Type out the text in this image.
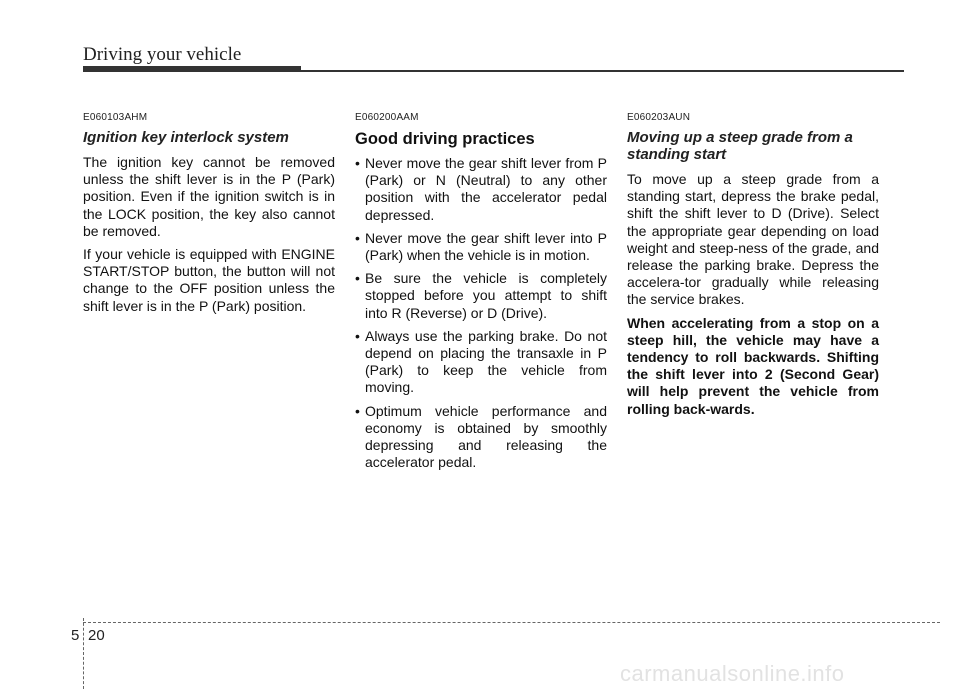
Driving your vehicle

E060103AHM

Ignition key interlock system

The ignition key cannot be removed unless the shift lever is in the P (Park) position. Even if the ignition switch is in the LOCK position, the key also cannot be removed.

If your vehicle is equipped with ENGINE START/STOP button, the button will not change to the OFF position unless the shift lever is in the P (Park) position.

E060200AAM

Good driving practices
• Never move the gear shift lever from P (Park) or N (Neutral) to any other position with the accelerator pedal depressed.
• Never move the gear shift lever into P (Park) when the vehicle is in motion.
• Be sure the vehicle is completely stopped before you attempt to shift into R (Reverse) or D (Drive).
• Always use the parking brake. Do not depend on placing the transaxle in P (Park) to keep the vehicle from moving.
• Optimum vehicle performance and economy is obtained by smoothly depressing and releasing the accelerator pedal.

E060203AUN

Moving up a steep grade from a standing start

To move up a steep grade from a standing start, depress the brake pedal, shift the shift lever to D (Drive). Select the appropriate gear depending on load weight and steep-ness of the grade, and release the parking brake. Depress the accelera-tor gradually while releasing the service brakes.

When accelerating from a stop on a steep hill, the vehicle may have a tendency to roll backwards. Shifting the shift lever into 2 (Second Gear) will help prevent the vehicle from rolling back-wards.

5 20
carmanualsonline.info
